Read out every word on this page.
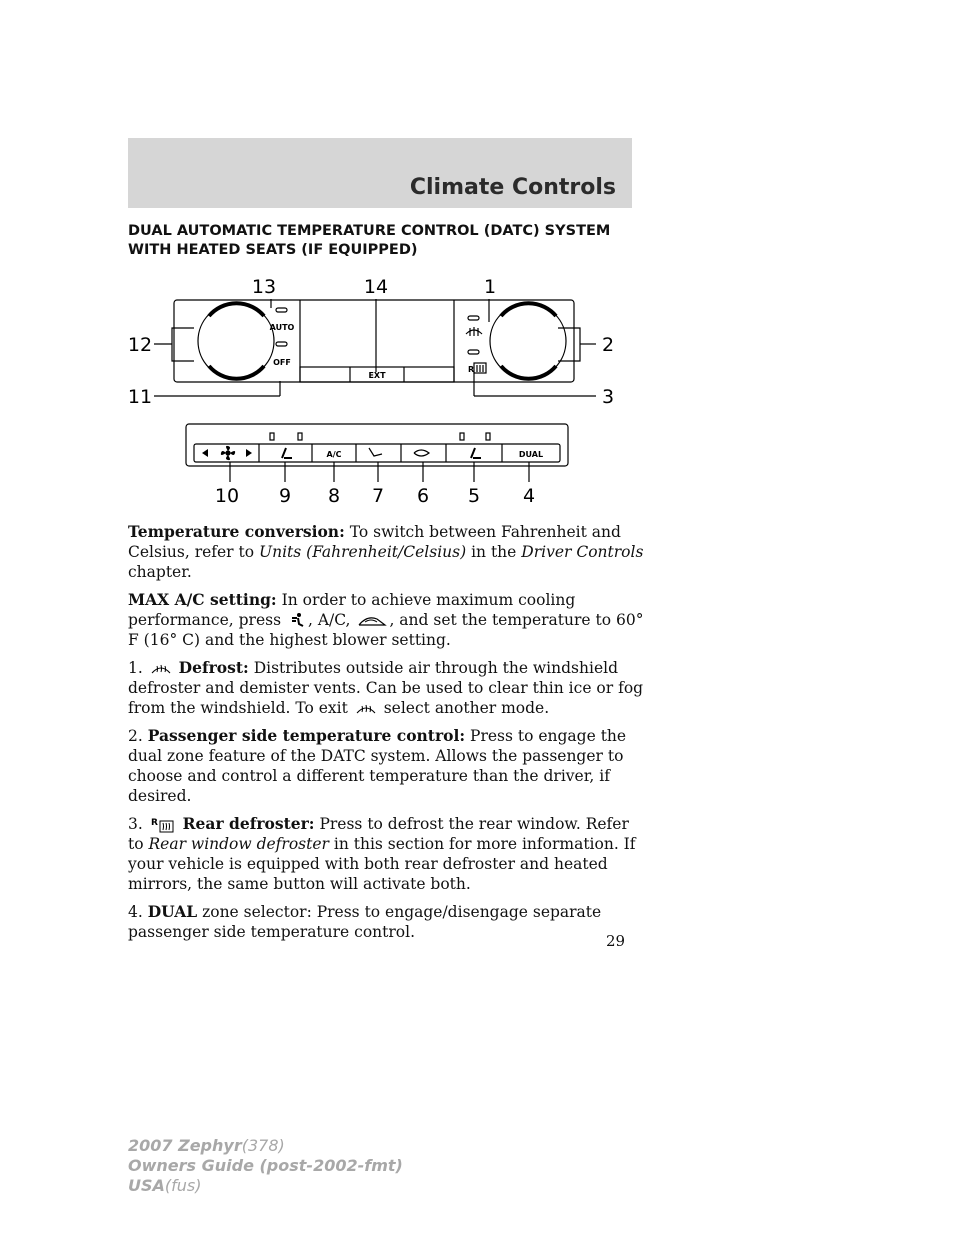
Climate Controls
DUAL AUTOMATIC TEMPERATURE CONTROL (DATC) SYSTEM WITH HEATED SEATS (IF EQUIPPED)
AUTO
OFF
EXT
R
A/C	DUAL
13	14	1
2
3
12
11
10 9 8 7 6 5 4

Temperature conversion: To switch between Fahrenheit and Celsius, refer to Units (Fahrenheit/Celsius) in the Driver Controls chapter.

MAX A/C setting: In order to achieve maximum cooling performance, press , A/C,	, and set the temperature to 60° F (16° C) and the highest blower setting.

1. Defrost: Distributes outside air through the windshield defroster and demister vents. Can be used to clear thin ice or fog from the windshield. To exit select another mode.

2. Passenger side temperature control: Press to engage the dual zone feature of the DATC system. Allows the passenger to choose and control a different temperature than the driver, if desired.

3. R Rear defroster: Press to defrost the rear window. Refer to Rear window defroster in this section for more information. If your vehicle is equipped with both rear defroster and heated mirrors, the same button will activate both.

4. DUAL zone selector: Press to engage/disengage separate passenger side temperature control.	29
2007 Zephyr(378)
Owners Guide (post-2002-fmt)
USA(fus)
